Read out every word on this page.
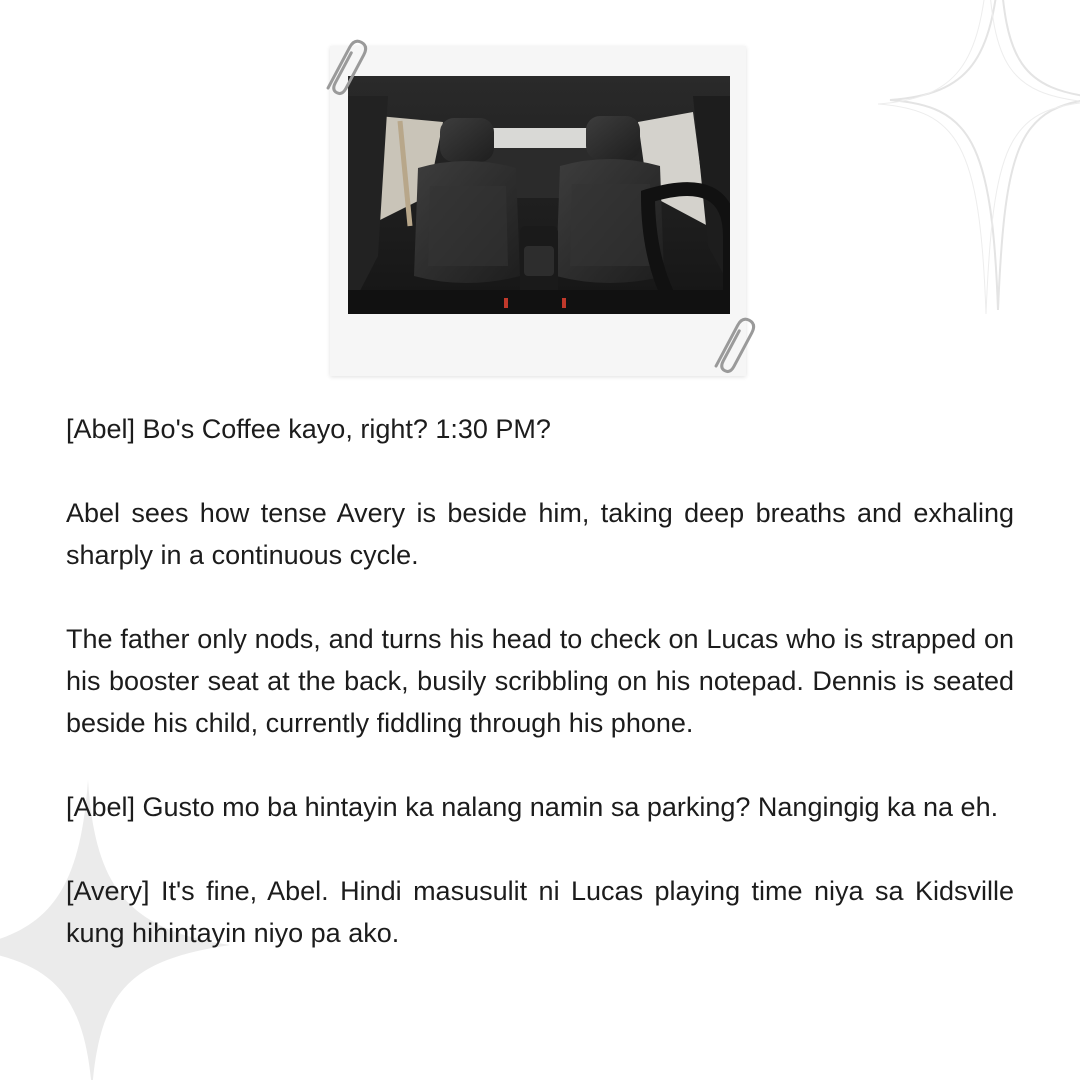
[Abel] Bo's Coffee kayo, right? 1:30 PM?

Abel sees how tense Avery is beside him, taking deep breaths and exhaling sharply in a continuous cycle.

The father only nods, and turns his head to check on Lucas who is strapped on his booster seat at the back, busily scribbling on his notepad. Dennis is seated beside his child, currently fiddling through his phone.

[Abel] Gusto mo ba hintayin ka nalang namin sa parking? Nangingig ka na eh.

[Avery] It's fine, Abel. Hindi masusulit ni Lucas playing time niya sa Kidsville kung hihintayin niyo pa ako.
